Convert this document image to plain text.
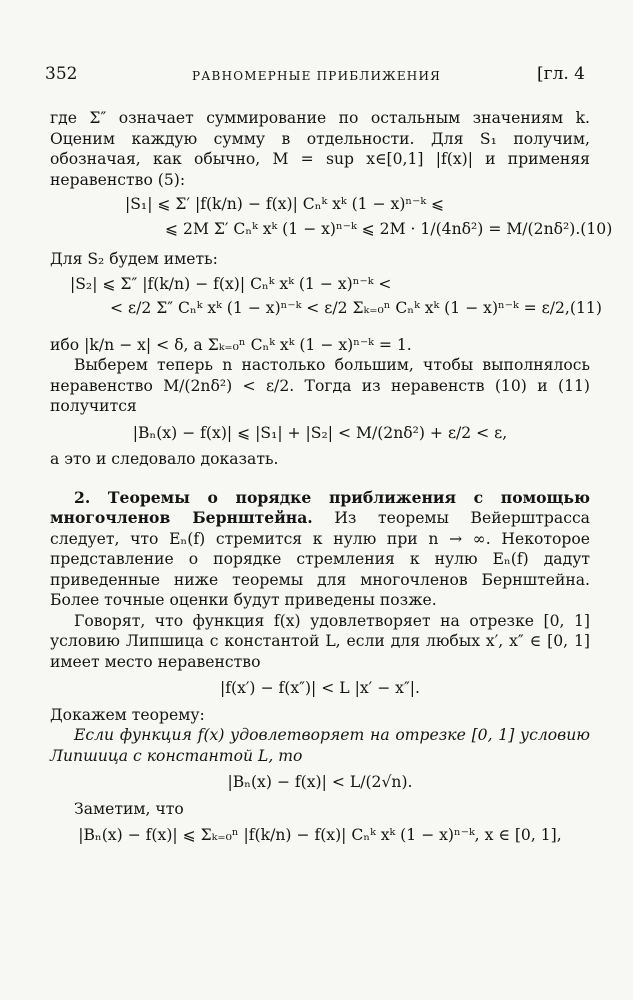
352	РАВНОМЕРНЫЕ ПРИБЛИЖЕНИЯ	[гл. 4

где Σ″ означает суммирование по остальным значениям k. Оценим каждую сумму в отдельности. Для S₁ получим, обозначая, как обычно, M = sup x∈[0,1] |f(x)| и применяя неравенство (5):

|S₁| ⩽ Σ′ |f(k/n) − f(x)| Cₙᵏ xᵏ (1 − x)ⁿ⁻ᵏ ⩽
⩽ 2M Σ′ Cₙᵏ xᵏ (1 − x)ⁿ⁻ᵏ ⩽ 2M · 1/(4nδ²) = M/(2nδ²). (10)

Для S₂ будем иметь:

|S₂| ⩽ Σ″ |f(k/n) − f(x)| Cₙᵏ xᵏ (1 − x)ⁿ⁻ᵏ <
< ε/2 Σ″ Cₙᵏ xᵏ (1 − x)ⁿ⁻ᵏ < ε/2 Σₖ₌₀ⁿ Cₙᵏ xᵏ (1 − x)ⁿ⁻ᵏ = ε/2, (11)

ибо |k/n − x| < δ, а Σₖ₌₀ⁿ Cₙᵏ xᵏ (1 − x)ⁿ⁻ᵏ = 1.

Выберем теперь n настолько большим, чтобы выполнялось неравенство M/(2nδ²) < ε/2. Тогда из неравенств (10) и (11) получится

|Bₙ(x) − f(x)| ⩽ |S₁| + |S₂| < M/(2nδ²) + ε/2 < ε,

а это и следовало доказать.

2. Теоремы о порядке приближения с помощью многочленов Бернштейна. Из теоремы Вейерштрасса следует, что Eₙ(f) стремится к нулю при n → ∞. Некоторое представление о порядке стремления к нулю Eₙ(f) дадут приведенные ниже теоремы для многочленов Бернштейна. Более точные оценки будут приведены позже.

Говорят, что функция f(x) удовлетворяет на отрезке [0, 1] условию Липшица с константой L, если для любых x′, x″ ∈ [0, 1] имеет место неравенство

|f(x′) − f(x″)| < L |x′ − x″|.

Докажем теорему:

Если функция f(x) удовлетворяет на отрезке [0, 1] условию Липшица с константой L, то

|Bₙ(x) − f(x)| < L/(2√n).

Заметим, что

|Bₙ(x) − f(x)| ⩽ Σₖ₌₀ⁿ |f(k/n) − f(x)| Cₙᵏ xᵏ (1 − x)ⁿ⁻ᵏ, x ∈ [0, 1],
